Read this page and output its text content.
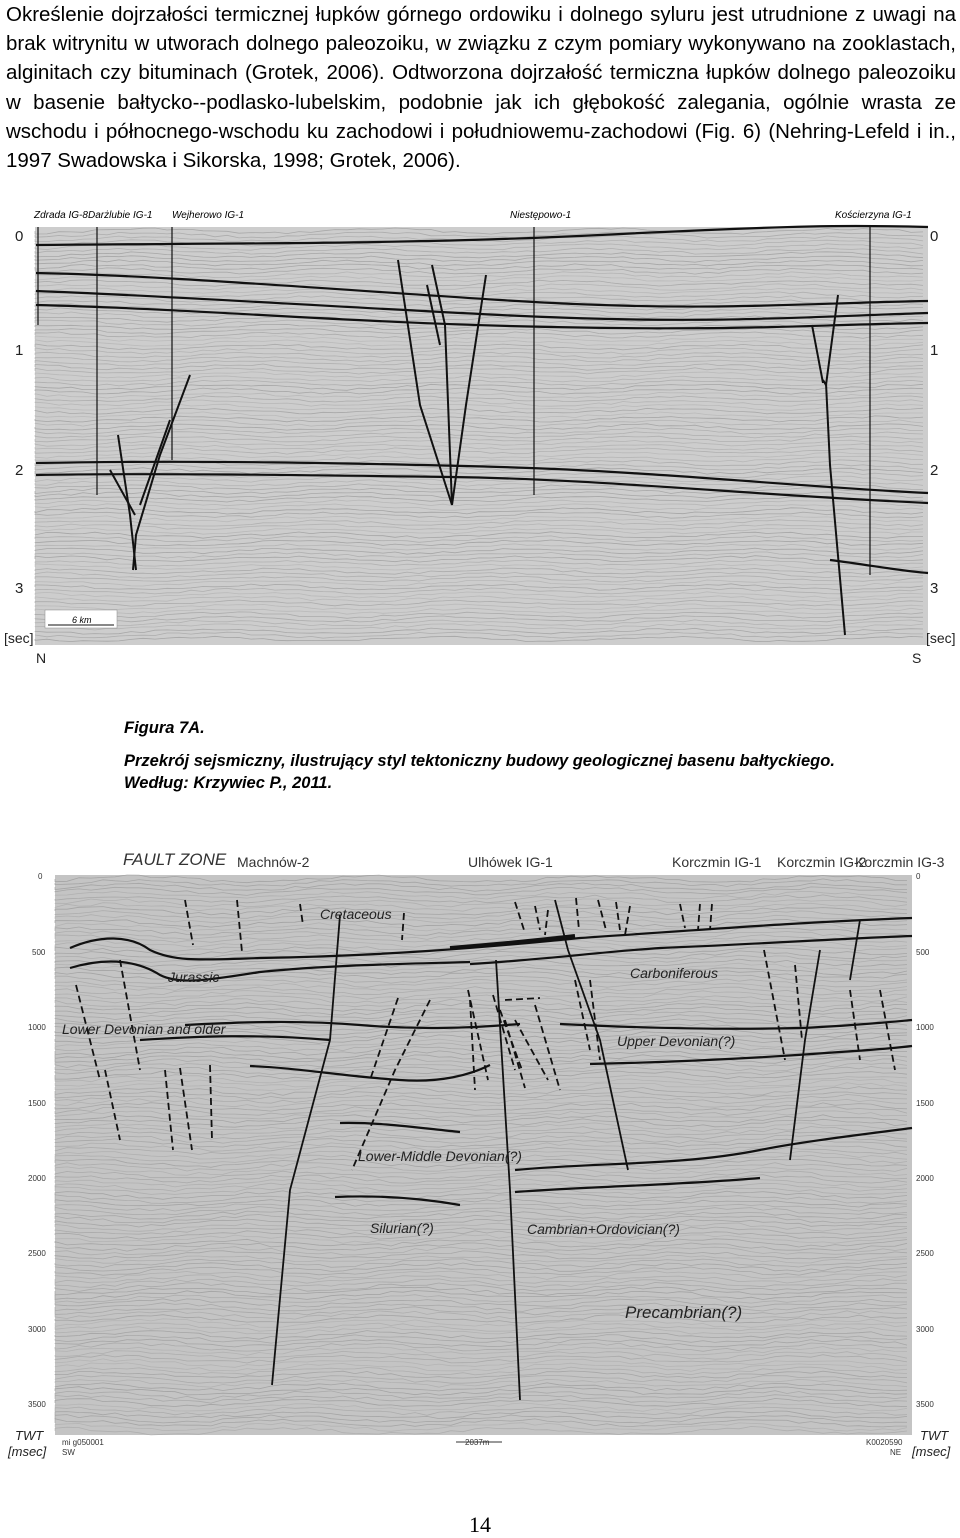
Określenie dojrzałości termicznej łupków górnego ordowiku i dolnego syluru jest utrudnione z uwagi na brak witrynitu w utworach dolnego paleozoiku, w związku z czym pomiary wykonywano na zooklastach, alginitach czy bituminach (Grotek, 2006). Odtworzona dojrzałość termiczna łupków dolnego paleozoiku w basenie bałtycko--podlasko-lubelskim, podobnie jak ich głębokość zalegania, ogólnie wrasta ze wschodu i północnego-wschodu ku zachodowi i południowemu-zachodowi (Fig. 6) (Nehring-Lefeld i in., 1997 Swadowska i Sikorska, 1998; Grotek, 2006).

6 km
Zdrada IG-8 Darżlubie IG-1 Wejherowo IG-1	Niestępowo-1	Kościerzyna IG-1
0
1
2
3
0
1
2
3
[sec]	[sec]
N	S

Figura 7A.

Przekrój sejsmiczny, ilustrujący styl tektoniczny budowy geologicznej basenu bałtyckiego.

Według: Krzywiec P., 2011.

FAULT ZONE Machnów-2	Ulhówek IG-1	Korczmin IG-1 Korczmin IG-2
Korczmin IG-3
Cretaceous
Jurassic	Carboniferous
Lower Devonian and older
Upper Devonian(?)
Lower-Middle Devonian(?)
Silurian(?)	Cambrian+Ordovician(?)
Precambrian(?)
0
500
1000
1500
2000
2500
3000
3500
0
500
1000
1500
2000
2500
3000
3500
TWT
[msec]
TWT
[msec]
mi g050001
SW
K0020590
NE
2037m
14
